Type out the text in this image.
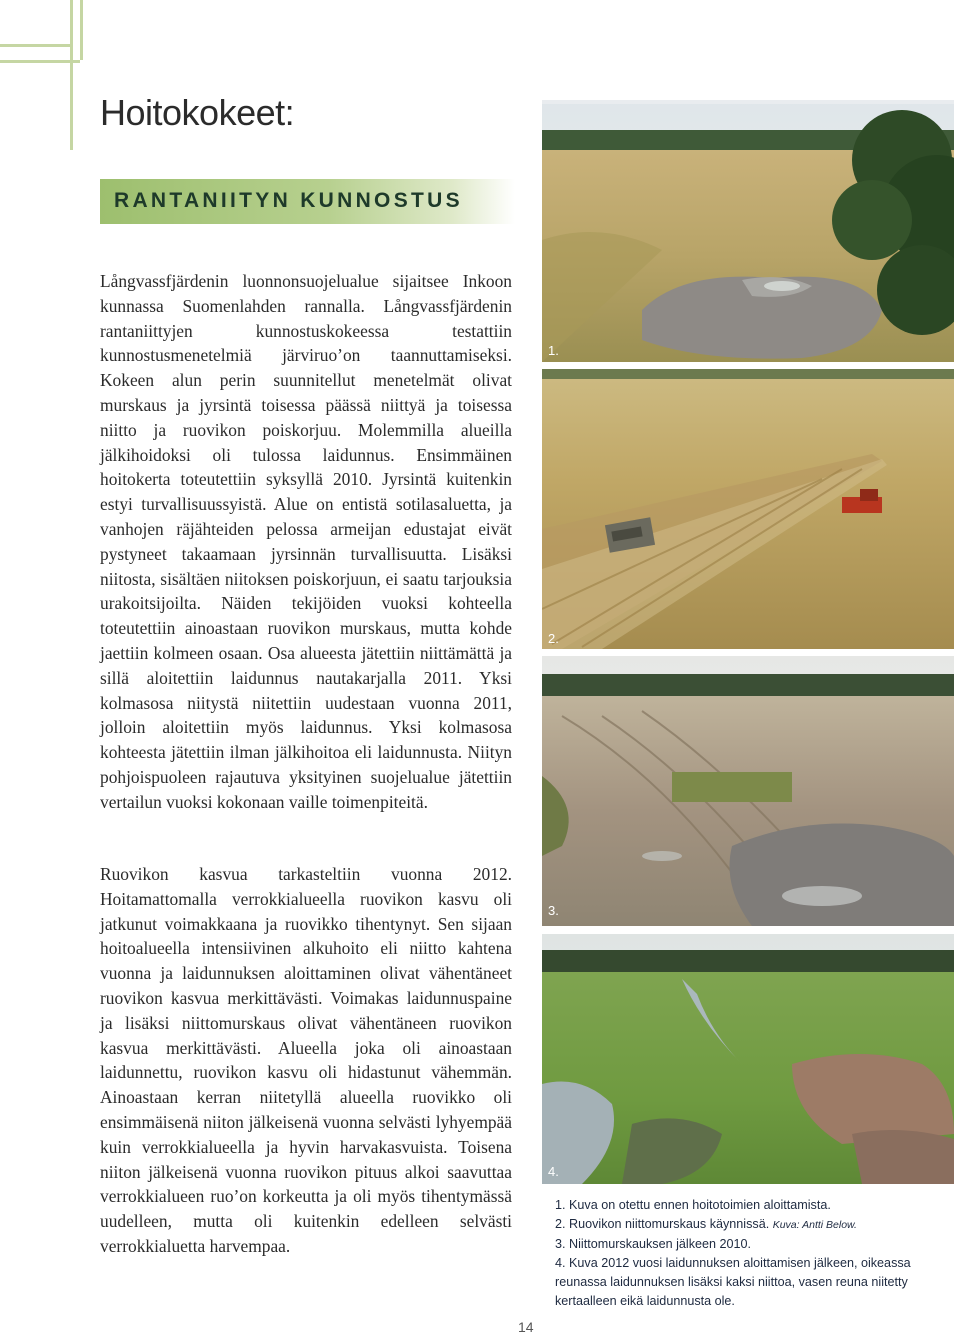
Hoitokokeet:
RANTANIITYN KUNNOSTUS

Långvassfjärdenin luonnonsuojelualue sijaitsee Inkoon kunnassa Suomenlahden rannalla. Långvassfjärdenin rantaniittyjen kunnostuskokeessa testattiin kunnostusmenetelmiä järviruo’on taannuttamiseksi. Kokeen alun perin suunnitellut menetelmät olivat murskaus ja jyrsintä toisessa päässä niittyä ja toisessa niitto ja ruovikon poiskorjuu. Molemmilla alueilla jälkihoidoksi oli tulossa laidunnus. Ensimmäinen hoitokerta toteutettiin syksyllä 2010. Jyrsintä kuitenkin estyi turvallisuussyistä. Alue on entistä sotilasaluetta, ja vanhojen räjähteiden pelossa armeijan edustajat eivät pystyneet takaamaan jyrsinnän turvallisuutta. Lisäksi niitosta, sisältäen niitoksen poiskorjuun, ei saatu tarjouksia urakoitsijoilta. Näiden tekijöiden vuoksi kohteella toteutettiin ainoastaan ruovikon murskaus, mutta kohde jaettiin kolmeen osaan. Osa alueesta jätettiin niittämättä ja sillä aloitettiin laidunnus nautakarjalla 2011. Yksi kolmasosa niitystä niitettiin uudestaan vuonna 2011, jolloin aloitettiin myös laidunnus. Yksi kolmasosa kohteesta jätettiin ilman jälkihoitoa eli laidunnusta. Niityn pohjoispuoleen rajautuva yksityinen suojelualue jätettiin vertailun vuoksi kokonaan vaille toimenpiteitä.

Ruovikon kasvua tarkasteltiin vuonna 2012. Hoitamattomalla verrokkialueella ruovikon kasvu oli jatkunut voimakkaana ja ruovikko tihentynyt. Sen sijaan hoitoalueella intensiivinen alkuhoito eli niitto kahtena vuonna ja laidunnuksen aloittaminen olivat vähentäneet ruovikon kasvua merkittävästi. Voimakas laidunnuspaine ja lisäksi niittomurskaus olivat vähentäneen ruovikon kasvua merkittävästi. Alueella joka oli ainoastaan laidunnettu, ruovikon kasvu oli hidastunut vähemmän. Ainoastaan kerran niitetyllä alueella ruovikko oli ensimmäisenä niiton jälkeisenä vuonna selvästi lyhyempää kuin verrokkialueella ja hyvin harvakasvuista. Toisena niiton jälkeisenä vuonna ruovikon pituus alkoi saavuttaa verrokkialueen ruo’on korkeutta ja oli myös tihentymässä uudelleen, mutta oli kuitenkin edelleen selvästi verrokkialuetta harvempaa.

1.
2.
3.
4.

1. Kuva on otettu ennen hoitotoimien aloittamista.

2. Ruovikon niittomurskaus käynnissä. Kuva: Antti Below.

3. Niittomurskauksen jälkeen 2010.

4. Kuva 2012 vuosi laidunnuksen aloittamisen jälkeen, oikeassa reunassa laidunnuksen lisäksi kaksi niittoa, vasen reuna niitetty kertaalleen eikä laidunnusta ole.

14
